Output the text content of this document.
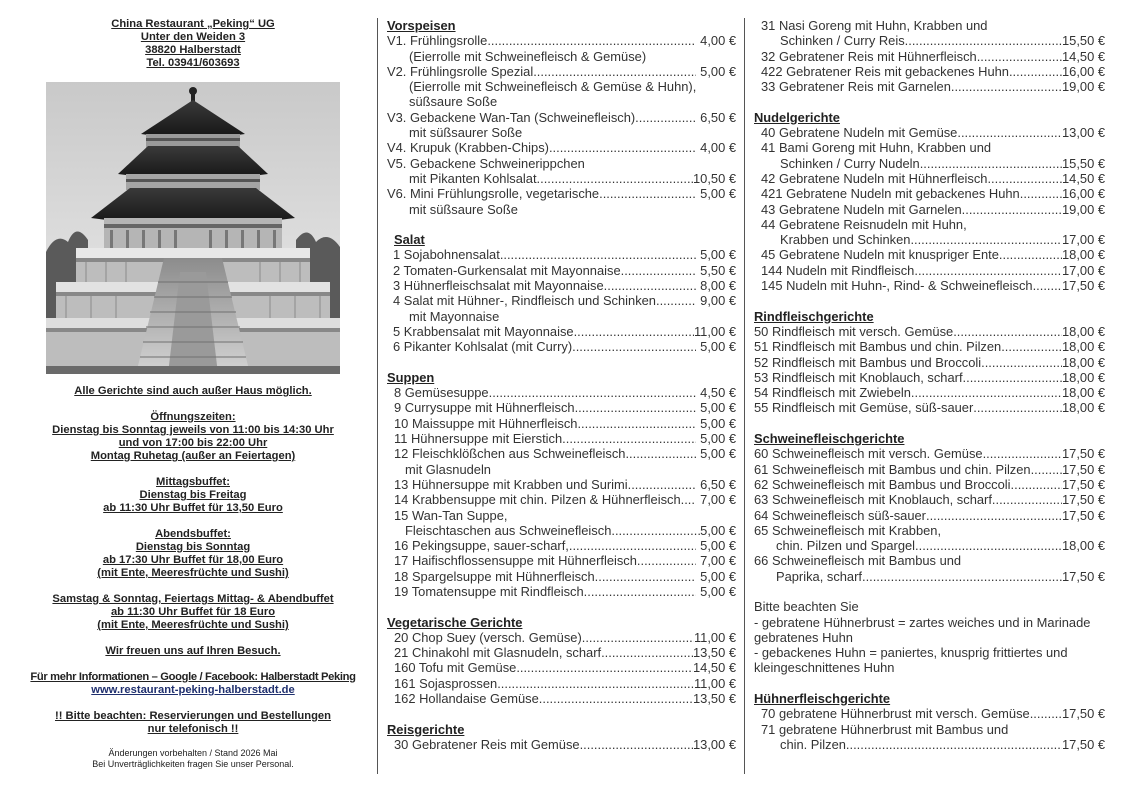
China Restaurant „Peking“ UG

Unter den Weiden 3

38820 Halberstadt

Tel. 03941/603693

Alle Gerichte sind auch außer Haus möglich.

Öffnungszeiten:

Dienstag bis Sonntag jeweils von 11:00 bis 14:30 Uhr

und von 17:00 bis 22:00 Uhr

Montag Ruhetag (außer an Feiertagen)

Mittagsbuffet:

Dienstag bis Freitag

ab 11:30 Uhr Buffet für 13,50 Euro

Abendsbuffet:

Dienstag bis Sonntag

ab 17:30 Uhr Buffet für 18,00 Euro

(mit Ente, Meeresfrüchte und Sushi)

Samstag & Sonntag, Feiertags Mittag- & Abendbuffet

ab 11:30 Uhr Buffet für 18 Euro

(mit Ente, Meeresfrüchte und Sushi)

Wir freuen uns auf Ihren Besuch.

Für mehr Informationen – Google / Facebook: Halberstadt Peking

www.restaurant-peking-halberstadt.de

!! Bitte beachten: Reservierungen und Bestellungen

nur telefonisch !!

Änderungen vorbehalten / Stand 2026 Mai

Bei Unverträglichkeiten fragen Sie unser Personal.

Vorspeisen
V1. Frühlingsrolle .....	4,00 €
(Eierrolle mit Schweinefleisch & Gemüse)
V2. Frühlingsrolle Spezial .....	5,00 €
(Eierrolle mit Schweinefleisch & Gemüse & Huhn),
süßsaure Soße
V3. Gebackene Wan-Tan (Schweinefleisch) .....	6,50 €
mit süßsaurer Soße
V4. Krupuk (Krabben-Chips) .....	4,00 €
V5. Gebackene Schweinerippchen
mit Pikanten Kohlsalat .....	10,50 €
V6. Mini Frühlungsrolle, vegetarische .....	5,00 €
mit süßsaure Soße
Salat
1 Sojabohnensalat .....	5,00 €
2 Tomaten-Gurkensalat mit Mayonnaise .....	5,50 €
3 Hühnerfleischsalat mit Mayonnaise .....	8,00 €
4 Salat mit Hühner-, Rindfleisch und Schinken .....	9,00 €
mit Mayonnaise
5 Krabbensalat mit Mayonnaise .....	11,00 €
6 Pikanter Kohlsalat (mit Curry) .....	5,00 €
Suppen
8 Gemüsesuppe .....	4,50 €
9 Currysuppe mit Hühnerfleisch .....	5,00 €
10 Maissuppe mit Hühnerfleisch .....	5,00 €
11 Hühnersuppe mit Eierstich .....	5,00 €
12 Fleischklößchen aus Schweinefleisch .....	5,00 €
mit Glasnudeln
13 Hühnersuppe mit Krabben und Surimi .....	6,50 €
14 Krabbensuppe mit chin. Pilzen & Hühnerfleisch .....	7,00 €
15 Wan-Tan Suppe,
Fleischtaschen aus Schweinefleisch .....	5,00 €
16 Pekingsuppe, sauer-scharf, .....	5,00 €
17 Haifischflossensuppe mit Hühnerfleisch .....	7,00 €
18 Spargelsuppe mit Hühnerfleisch .....	5,00 €
19 Tomatensuppe mit Rindfleisch .....	5,00 €
Vegetarische Gerichte
20 Chop Suey (versch. Gemüse) .....	11,00 €
21 Chinakohl mit Glasnudeln, scharf .....	13,50 €
160 Tofu mit Gemüse .....	14,50 €
161 Sojasprossen .....	11,00 €
162 Hollandaise Gemüse .....	13,50 €
Reisgerichte
30 Gebratener Reis mit Gemüse .....	13,00 €
31 Nasi Goreng mit Huhn, Krabben und
Schinken / Curry Reis .....	15,50 €
32 Gebratener Reis mit Hühnerfleisch .....	14,50 €
422 Gebratener Reis mit gebackenes Huhn .....	16,00 €
33 Gebratener Reis mit Garnelen .....	19,00 €
Nudelgerichte
40 Gebratene Nudeln mit Gemüse .....	13,00 €
41 Bami Goreng mit Huhn, Krabben und
Schinken / Curry Nudeln .....	15,50 €
42 Gebratene Nudeln mit Hühnerfleisch .....	14,50 €
421 Gebratene Nudeln mit gebackenes Huhn .....	16,00 €
43 Gebratene Nudeln mit Garnelen .....	19,00 €
44 Gebratene Reisnudeln mit Huhn,
Krabben und Schinken .....	17,00 €
45 Gebratene Nudeln mit knuspriger Ente .....	18,00 €
144 Nudeln mit Rindfleisch .....	17,00 €
145 Nudeln mit Huhn-, Rind- & Schweinefleisch ..... 17,50 €
Rindfleischgerichte
50 Rindfleisch mit versch. Gemüse .....	18,00 €
51 Rindfleisch mit Bambus und chin. Pilzen .....	18,00 €
52 Rindfleisch mit Bambus und Broccoli .....	18,00 €
53 Rindfleisch mit Knoblauch, scharf .....	18,00 €
54 Rindfleisch mit Zwiebeln .....	18,00 €
55 Rindfleisch mit Gemüse, süß-sauer .....	18,00 €
Schweinefleischgerichte
60 Schweinefleisch mit versch. Gemüse .....	17,50 €
61 Schweinefleisch mit Bambus und chin. Pilzen ..... 17,50 €
62 Schweinefleisch mit Bambus und Broccoli .....	17,50 €
63 Schweinefleisch mit Knoblauch, scharf .....	17,50 €
64 Schweinefleisch süß-sauer .....	17,50 €
65 Schweinefleisch mit Krabben,
chin. Pilzen und Spargel .....	18,00 €
66 Schweinefleisch mit Bambus und
Paprika, scharf .....	17,50 €
Bitte beachten Sie
- gebratene Hühnerbrust = zartes weiches und in Marinade
gebratenes Huhn
- gebackenes Huhn = paniertes, knusprig frittiertes und
kleingeschnittenes Huhn
Hühnerfleischgerichte
70 gebratene Hühnerbrust mit versch. Gemüse .....	17,50 €
71 gebratene Hühnerbrust mit Bambus und
chin. Pilzen .....	17,50 €
